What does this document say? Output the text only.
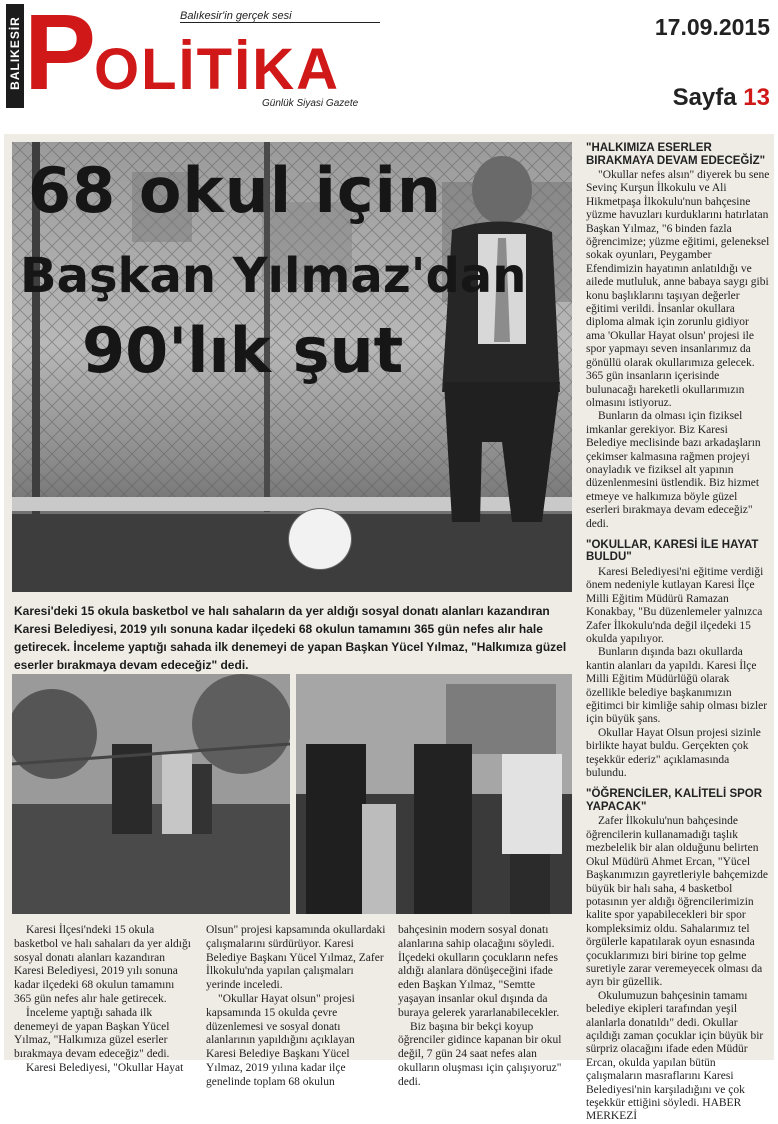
BALIKESİR P
OLİTİKA
Balıkesir'in gerçek sesi
Günlük Siyasi Gazete
17.09.2015
Sayfa 13
68 okul için
Başkan Yılmaz'dan
90'lık şut
Karesi'deki 15 okula basketbol ve halı sahaların da yer aldığı sosyal donatı alanları kazandıran Karesi Belediyesi, 2019 yılı sonuna kadar ilçedeki 68 okulun tamamını 365 gün nefes alır hale getirecek. İnceleme yaptığı sahada ilk denemeyi de yapan Başkan Yücel Yılmaz, "Halkımıza güzel eserler bırakmaya devam edeceğiz" dedi.

Karesi İlçesi'ndeki 15 okula basketbol ve halı sahaları da yer aldığı sosyal donatı alanları kazandıran Karesi Belediyesi, 2019 yılı sonuna kadar ilçedeki 68 okulun tamamını 365 gün nefes alır hale getirecek.

İnceleme yaptığı sahada ilk denemeyi de yapan Başkan Yücel Yılmaz, "Halkımıza güzel eserler bırakmaya devam edeceğiz" dedi.

Karesi Belediyesi, "Okullar Hayat

Olsun" projesi kapsamında okullardaki çalışmalarını sürdürüyor. Karesi Belediye Başkanı Yücel Yılmaz, Zafer İlkokulu'nda yapılan çalışmaları yerinde inceledi.

"Okullar Hayat olsun" projesi kapsamında 15 okulda çevre düzenlemesi ve sosyal donatı alanlarının yapıldığını açıklayan Karesi Belediye Başkanı Yücel Yılmaz, 2019 yılına kadar ilçe genelinde toplam 68 okulun

bahçesinin modern sosyal donatı alanlarına sahip olacağını söyledi. İlçedeki okulların çocukların nefes aldığı alanlara dönüşeceğini ifade eden Başkan Yılmaz, "Semtte yaşayan insanlar okul dışında da buraya gelerek yararlanabilecekler.

Biz başına bir bekçi koyup öğrenciler gidince kapanan bir okul değil, 7 gün 24 saat nefes alan okulların oluşması için çalışıyoruz" dedi.

"HALKIMIZA ESERLER BIRAKMAYA DEVAM EDECEĞİZ"

"Okullar nefes alsın" diyerek bu sene Sevinç Kurşun İlkokulu ve Ali Hikmetpaşa İlkokulu'nun bahçesine yüzme havuzları kurduklarını hatırlatan Başkan Yılmaz, "6 binden fazla öğrencimize; yüzme eğitimi, geleneksel sokak oyunları, Peygamber Efendimizin hayatının anlatıldığı ve ailede mutluluk, anne babaya saygı gibi konu başlıklarını taşıyan değerler eğitimi verildi. İnsanlar okullara diploma almak için zorunlu gidiyor ama 'Okullar Hayat olsun' projesi ile spor yapmayı seven insanlarımız da gönüllü olarak okullarımıza gelecek. 365 gün insanların içerisinde bulunacağı hareketli okullarımızın olmasını istiyoruz.

Bunların da olması için fiziksel imkanlar gerekiyor. Biz Karesi Belediye meclisinde bazı arkadaşların çekimser kalmasına rağmen projeyi onayladık ve fiziksel alt yapının düzenlenmesini üstlendik. Biz hizmet etmeye ve halkımıza böyle güzel eserleri bırakmaya devam edeceğiz" dedi.

"OKULLAR, KARESİ İLE HAYAT BULDU"

Karesi Belediyesi'ni eğitime verdiği önem nedeniyle kutlayan Karesi İlçe Milli Eğitim Müdürü Ramazan Konakbay, "Bu düzenlemeler yalnızca Zafer İlkokulu'nda değil ilçedeki 15 okulda yapılıyor.

Bunların dışında bazı okullarda kantin alanları da yapıldı. Karesi İlçe Milli Eğitim Müdürlüğü olarak özellikle belediye başkanımızın eğitimci bir kimliğe sahip olması bizler için büyük şans.

Okullar Hayat Olsun projesi sizinle birlikte hayat buldu. Gerçekten çok teşekkür ederiz" açıklamasında bulundu.

"ÖĞRENCİLER, KALİTELİ SPOR YAPACAK"

Zafer İlkokulu'nun bahçesinde öğrencilerin kullanamadığı taşlık mezbelelik bir alan olduğunu belirten Okul Müdürü Ahmet Ercan, "Yücel Başkanımızın gayretleriyle bahçemizde büyük bir halı saha, 4 basketbol potasının yer aldığı öğrencilerimizin kalite spor yapabilecekleri bir spor kompleksimiz oldu. Sahalarımız tel örgülerle kapatılarak oyun esnasında çocuklarımızı biri birine top gelme suretiyle zarar veremeyecek olması da ayrı bir güzellik.

Okulumuzun bahçesinin tamamı belediye ekipleri tarafından yeşil alanlarla donatıldı" dedi. Okullar açıldığı zaman çocuklar için büyük bir sürpriz olacağını ifade eden Müdür Ercan, okulda yapılan bütün çalışmaların masraflarını Karesi Belediyesi'nin karşıladığını ve çok teşekkür ettiğini söyledi. HABER MERKEZİ
